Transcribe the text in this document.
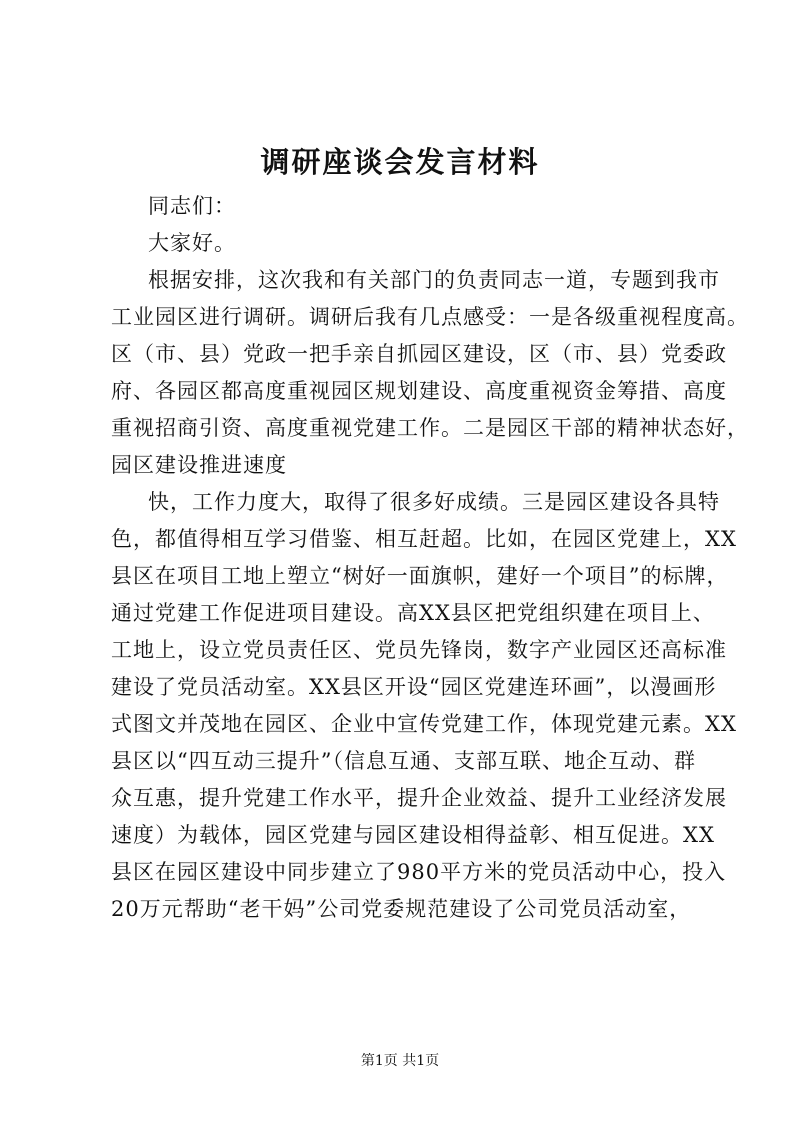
调研座谈会发言材料
同志们：
大家好。
根据安排，这次我和有关部门的负责同志一道，专题到我市
工业园区进行调研。调研后我有几点感受：一是各级重视程度高。
区（市、县）党政一把手亲自抓园区建设，区（市、县）党委政
府、各园区都高度重视园区规划建设、高度重视资金筹措、高度
重视招商引资、高度重视党建工作。二是园区干部的精神状态好，
园区建设推进速度
快，工作力度大，取得了很多好成绩。三是园区建设各具特
色，都值得相互学习借鉴、相互赶超。比如，在园区党建上，XX
县区在项目工地上塑立“树好一面旗帜，建好一个项目”的标牌，
通过党建工作促进项目建设。高XX县区把党组织建在项目上、
工地上，设立党员责任区、党员先锋岗，数字产业园区还高标准
建设了党员活动室。XX县区开设“园区党建连环画”，以漫画形
式图文并茂地在园区、企业中宣传党建工作，体现党建元素。XX
县区以“四互动三提升”（信息互通、支部互联、地企互动、群
众互惠，提升党建工作水平，提升企业效益、提升工业经济发展
速度）为载体，园区党建与园区建设相得益彰、相互促进。XX
县区在园区建设中同步建立了980平方米的党员活动中心，投入
20万元帮助“老干妈”公司党委规范建设了公司党员活动室，
第1页 共1页
